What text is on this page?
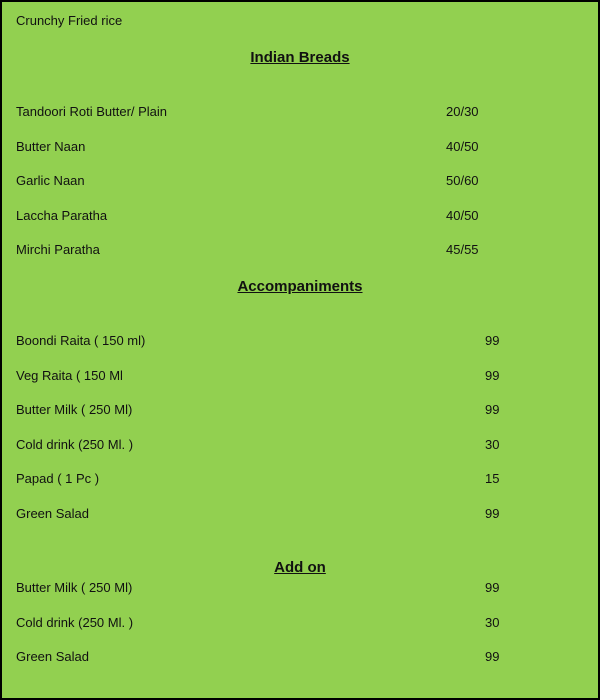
Crunchy Fried rice
Indian Breads
Tandoori Roti Butter/ Plain	20/30
Butter Naan	40/50
Garlic Naan	50/60
Laccha Paratha	40/50
Mirchi Paratha	45/55
Accompaniments
Boondi Raita ( 150 ml)	99
Veg Raita ( 150 Ml	99
Butter Milk ( 250 Ml)	99
Cold drink (250 Ml. )	30
Papad ( 1 Pc )	15
Green Salad	99
Add on
Butter Milk ( 250 Ml)	99
Cold drink (250 Ml. )	30
Green Salad	99
